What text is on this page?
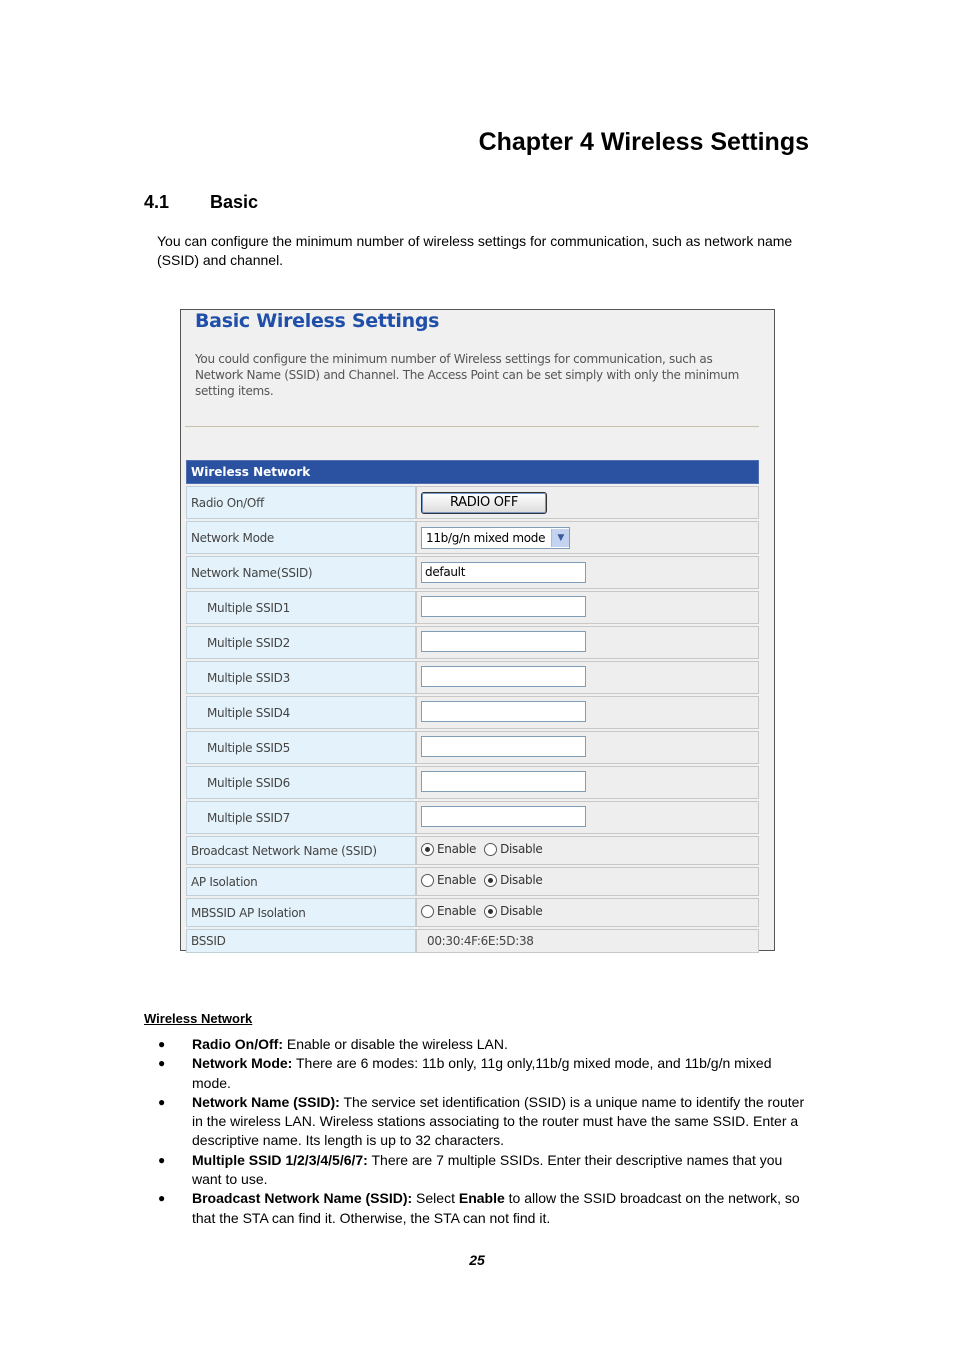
Chapter 4 Wireless Settings
4.1 Basic

You can configure the minimum number of wireless settings for communication, such as network name (SSID) and channel.

Basic Wireless Settings
You could configure the minimum number of Wireless settings for communication, such as Network Name (SSID) and Channel. The Access Point can be set simply with only the minimum setting items.
Wireless Network	
Radio On/Off	RADIO OFF
Network Mode	11b/g/n mixed mode ▼

Network Name(SSID)	default
Multiple SSID1	
Multiple SSID2	
Multiple SSID3	
Multiple SSID4	
Multiple SSID5	
Multiple SSID6	
Multiple SSID7	
Broadcast Network Name (SSID)	Enable Disable

AP Isolation	Enable Disable

MBSSID AP Isolation	Enable Disable

BSSID	00:30:4F:6E:5D:38
Wireless Network
● Radio On/Off: Enable or disable the wireless LAN.
● Network Mode: There are 6 modes: 11b only, 11g only,11b/g mixed mode, and 11b/g/n mixed mode.
● Network Name (SSID): The service set identification (SSID) is a unique name to identify the router in the wireless LAN. Wireless stations associating to the router must have the same SSID. Enter a descriptive name. Its length is up to 32 characters.
● Multiple SSID 1/2/3/4/5/6/7: There are 7 multiple SSIDs. Enter their descriptive names that you want to use.
● Broadcast Network Name (SSID): Select Enable to allow the SSID broadcast on the network, so that the STA can find it. Otherwise, the STA can not find it.
25
